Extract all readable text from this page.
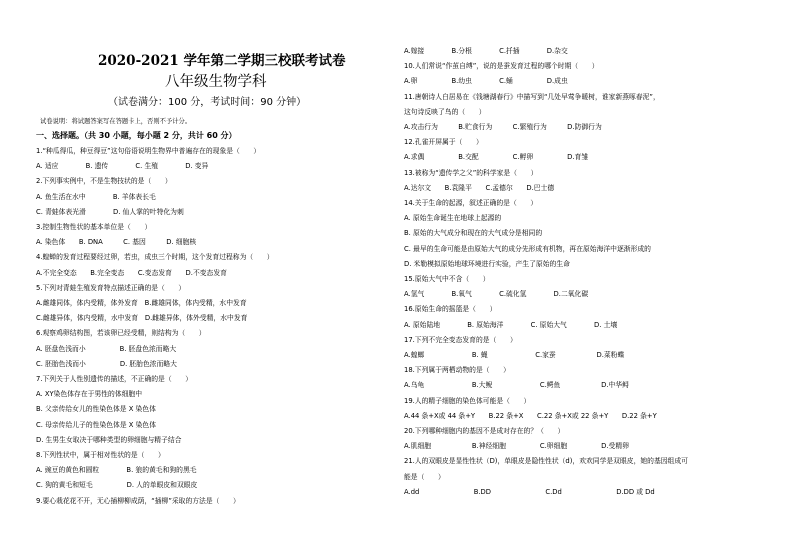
2020-2021 学年第二学期三校联考试卷
八年级生物学科
（试卷满分：100 分，考试时间：90 分钟）
试卷说明：将试题答案写在答题卡上，否则不予计分。
一、选择题。（共 30 小题，每小题 2 分，共计 60 分）
1.“种瓜得瓜，种豆得豆”这句俗语说明生物界中普遍存在的现象是（　　）
A. 适应　　　　B. 遗传　　　　C. 生殖　　　　D. 变异
2.下列事实例中，不是生物技状的是（　　）
A. 鱼生活在水中　　　　B. 羊体表长毛
C. 青蛙体表光滑　　　　D. 仙人掌的叶特化为刺
3.控制生物性状的基本单位是（　　）
A. 染色体　　B. DNA　　　C. 基因　　　D. 细胞核
4.蝗蝉的发育过程要经过卵，若虫，成虫三个时期，这个发育过程称为（　　）
A.不完全变态　　B.完全变态　　C.变态发育　　D.不变态发育
5.下列对青蛙生殖发育特点描述正确的是（　　）
A.雌雄同体，体内受精，体外发育　B.雌雄同体，体内受精，水中发育
C.雌雄异体，体内受精，水中发育　D.雌雄异体，体外受精，水中发育
6.观察鸡卵结构图，若该卵已经受精，则结构为（　　）
A. 胚盘色浅而小　　　　　B. 胚盘色浓而略大
C. 胚胎色浅而小　　　　　D. 胚胎色浓而略大
7.下列关于人性别遗传的描述，不正确的是（　　）
A. XY染色体存在于男性的体细胞中
B. 父亲传给女儿的性染色体是 X 染色体
C. 母亲传给儿子的性染色体是 X 染色体
D. 生男生女取决于哪种类型的卵细胞与精子结合
8.下列性状中，属于相对性状的是（　　）
A. 豌豆的黄色和圆粒　　　　B. 狼的黄毛和狗的黑毛
C. 狗的黄毛和短毛　　　　　D. 人的单眼皮和双眼皮
9.要心栽花花不开，无心插柳柳成荫，“插柳”采取的方法是（　　）
A.嫁接　　　　B.分根　　　　C.扦插　　　　D.杂交
10.人们常说“作茧自缚”，说的是蚕发育过程的哪个时期（　　）
A.卵　　　　　B.幼虫　　　　C.蛹　　　　　D.成虫
11.唐朝诗人白居易在《钱塘湖春行》中描写到“几处早莺争暖树，谁家新燕啄春泥”，
这句诗反映了鸟的（　　）
A.攻击行为　　　B.贮食行为　　　C.繁殖行为　　　D.防御行为
12.孔雀开屏属于（　　）
A.求偶　　　　　B.交配　　　　　C.孵卵　　　　　D.育雏
13.被称为“遗传学之父”的科学家是（　　）
A.达尔文　　B.袁隆平　　C.孟德尔　　D.巴士德
14.关于生命的起源，叙述正确的是（　　）
A. 原始生命诞生在地球上起源的
B. 原始的大气成分和现在的大气成分是相同的
C. 最早的生命可能是由原始大气的成分先形成有机物，再在原始海洋中逐渐形成的
D. 米勒模拟原始地球环境进行实验，产生了原始的生命
15.原始大气中不含（　　）
A.氢气　　　　B.氧气　　　　C.硫化氢　　　　D.二氧化碳
16.原始生命的摇篮是（　　）
A. 原始陆地　　　　B. 原始海洋　　　　C. 原始大气　　　　D. 土壤
17.下列不完全变态发育的是（　　）
A.蝗螂　　　　　　　B. 蝇　　　　　　　C.家蚕　　　　　　D.菜粉蝶
18.下列属于两栖动物的是（　　）
A.乌龟　　　　　　　B.大鲵　　　　　　　C.鳄鱼　　　　　　D.中华鲟
19.人的精子细胞的染色体可能是（　　）
A.44 条+X或 44 条+Y　　B.22 条+X　　C.22 条+X或 22 条+Y　　D.22 条+Y
20.下列哪种细胞内的基因不是成对存在的？（　　）
A.肌细胞　　　　　　B.神经细胞　　　　　C.卵细胞　　　　　D.受精卵
21.人的双眼皮是显性性状（D)，单眼皮是隐性性状（d)，欢欢同学是双眼皮，她的基因组成可
能是（　　）
A.dd　　　　　　　　B.DD　　　　　　　　C.Dd　　　　　　　　D.DD 或 Dd
